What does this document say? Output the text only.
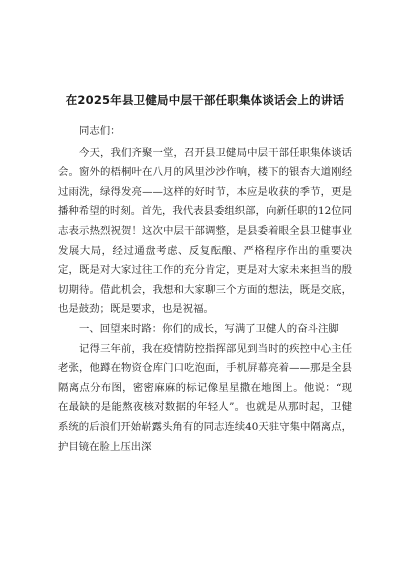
在2025年县卫健局中层干部任职集体谈话会上的讲话

同志们：

今天，我们齐聚一堂，召开县卫健局中层干部任职集体谈话会。窗外的梧桐叶在八月的风里沙沙作响，楼下的银杏大道刚经过雨洗，绿得发亮——这样的好时节，本应是收获的季节，更是播种希望的时刻。首先，我代表县委组织部，向新任职的12位同志表示热烈祝贺！这次中层干部调整，是县委着眼全县卫健事业发展大局，经过通盘考虑、反复酝酿、严格程序作出的重要决定，既是对大家过往工作的充分肯定，更是对大家未来担当的殷切期待。借此机会，我想和大家聊三个方面的想法，既是交底，也是鼓劲；既是要求，也是祝福。

一、回望来时路：你们的成长，写满了卫健人的奋斗注脚

记得三年前，我在疫情防控指挥部见到当时的疾控中心主任老张，他蹲在物资仓库门口吃泡面，手机屏幕亮着——那是全县隔离点分布图，密密麻麻的标记像星星撒在地图上。他说：“现在最缺的是能熬夜核对数据的年轻人”。也就是从那时起，卫健系统的后浪们开始崭露头角有的同志连续40天驻守集中隔离点，护目镜在脸上压出深
